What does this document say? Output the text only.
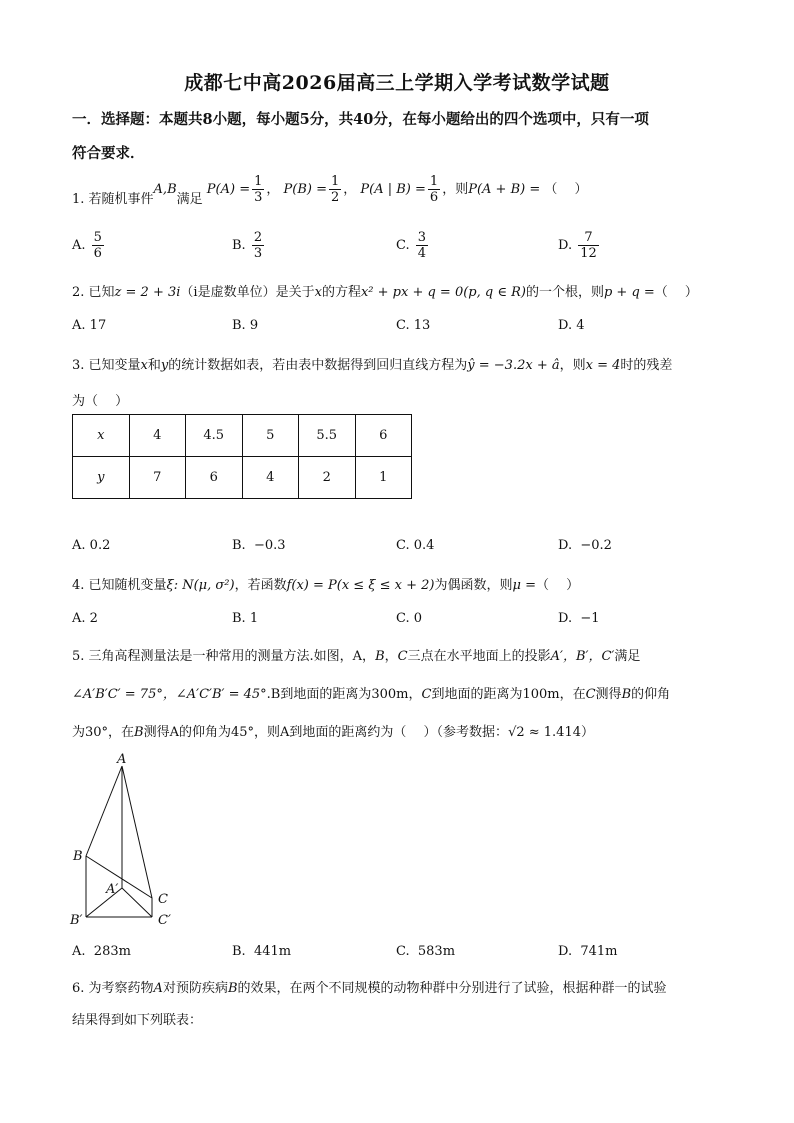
成都七中高2026届高三上学期入学考试数学试题
一．选择题：本题共8小题，每小题5分，共40分，在每小题给出的四个选项中，只有一项
符合要求．
1. 若随机事件A,B满足 $P(A) = \frac{1}{3}$ ， $P(B) = \frac{1}{2}$ ， P(A | $B) = \frac{1}{6}$ ，则P(A + B) = （　 ）
A. $\frac{5}{6}$	B. $\frac{2}{3}$	C. $\frac{3}{4}$	D. $\frac{7}{12}$
2. 已知z = 2 + 3i（i是虚数单位）是关于x的方程x² + px + q = 0(p, q ∈ R)的一个根，则p + q =（　 ）
A. 17	B. 9	C. 13	D. 4
3. 已知变量x和y的统计数据如表，若由表中数据得到回归直线方程为ŷ = −3.2x + â，则x = 4时的残差
为（　 ）
x	4	4.5	5	5.5	6
y	7	6	4	2	1
A. 0.2	B. −0.3	C. 0.4	D. −0.2
4. 已知随机变量ξ: N(μ, σ²)，若函数f(x) = P(x ≤ ξ ≤ x + 2)为偶函数，则μ =（　 ）
A. 2	B. 1	C. 0	D. −1
5. 三角高程测量法是一种常用的测量方法.如图，A，B，C三点在水平地面上的投影A′，B′，C′满足
∠A′B′C′ = 75°，∠A′C′B′ = 45°.B到地面的距离为300m，C到地面的距离为100m，在C测得B的仰角
为30°，在B测得A的仰角为45°，则A到地面的距离约为（　 ）（参考数据：√2 ≈ 1.414）
A
B
C
A′
B′	C′
A. 283m	B. 441m	C. 583m	D. 741m
6. 为考察药物A对预防疾病B的效果，在两个不同规模的动物种群中分别进行了试验，根据种群一的试验
结果得到如下列联表：
